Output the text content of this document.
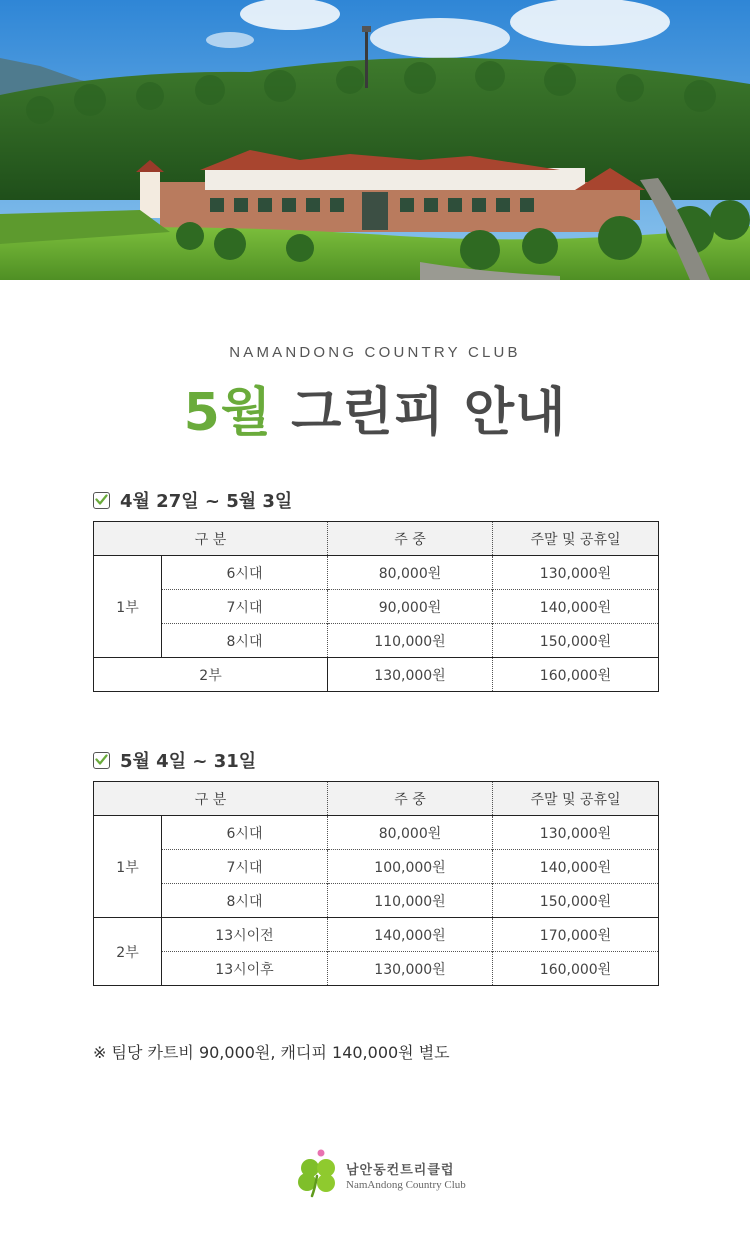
NAMANDONG COUNTRY CLUB
5월 그린피 안내
4월 27일 ~ 5월 3일
구 분		주 중	주말 및 공휴일
1부	6시대	80,000원	130,000원
	7시대	90,000원	140,000원
	8시대	110,000원	150,000원
2부		130,000원	160,000원
5월 4일 ~ 31일
구 분		주 중	주말 및 공휴일
1부	6시대	80,000원	130,000원
	7시대	100,000원	140,000원
	8시대	110,000원	150,000원
2부	13시이전	140,000원	170,000원
	13시이후	130,000원	160,000원
※ 팀당 카트비 90,000원, 캐디피 140,000원 별도
남안동컨트리클럽
NamAndong Country Club
